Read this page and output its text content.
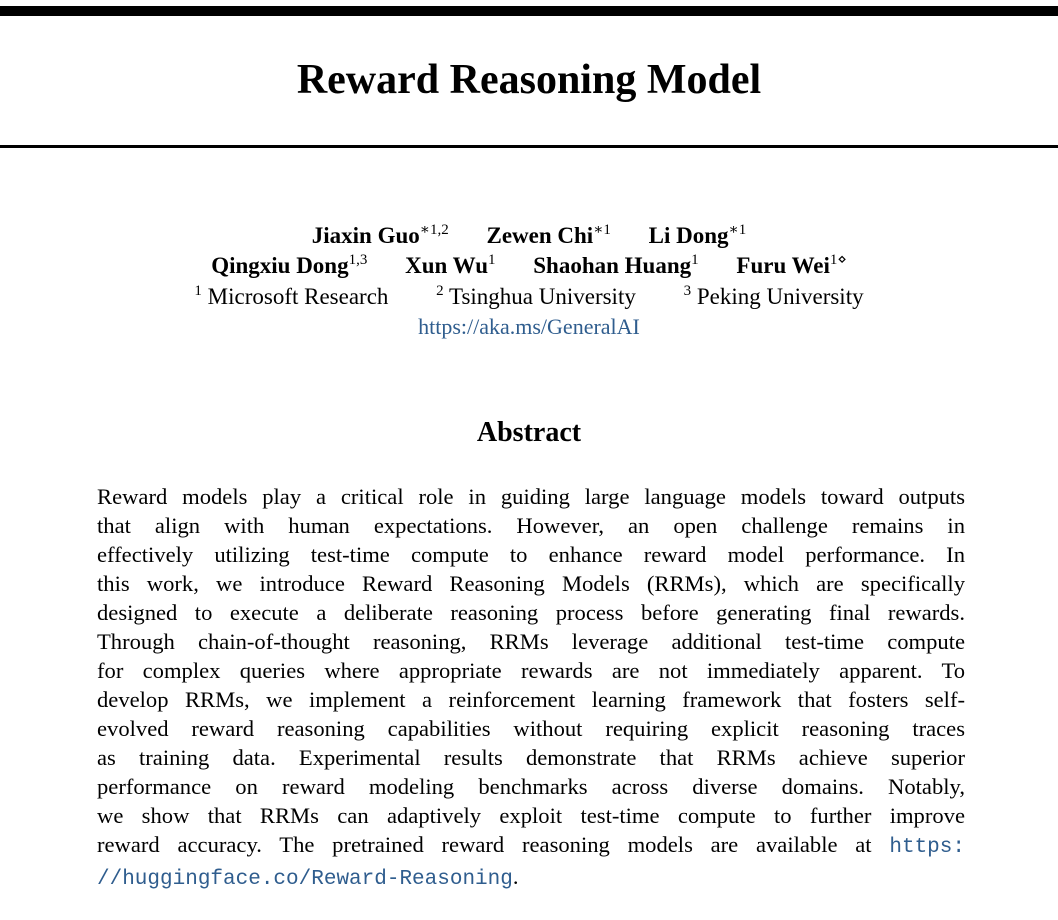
Reward Reasoning Model
Jiaxin Guo$^{∗1,2}$ Zewen Chi$^{∗1}$ Li Dong$^{∗1}$
Qingxiu Dong$^{1,3}$ Xun Wu$^1$ Shaohan Huang$^1$ Furu Wei$^{1⋄}$
$^1$ Microsoft Research	$^2$ Tsinghua University	$^3$ Peking University
https://aka.ms/GeneralAI
Abstract
Reward models play a critical role in guiding large language models toward outputs
that align with human expectations. However, an open challenge remains in
effectively utilizing test-time compute to enhance reward model performance. In
this work, we introduce Reward Reasoning Models (RRMs), which are specifically
designed to execute a deliberate reasoning process before generating final rewards.
Through chain-of-thought reasoning, RRMs leverage additional test-time compute
for complex queries where appropriate rewards are not immediately apparent. To
develop RRMs, we implement a reinforcement learning framework that fosters self-
evolved reward reasoning capabilities without requiring explicit reasoning traces
as training data. Experimental results demonstrate that RRMs achieve superior
performance on reward modeling benchmarks across diverse domains. Notably,
we show that RRMs can adaptively exploit test-time compute to further improve
reward accuracy. The pretrained reward reasoning models are available at https:
//huggingface.co/Reward-Reasoning.
